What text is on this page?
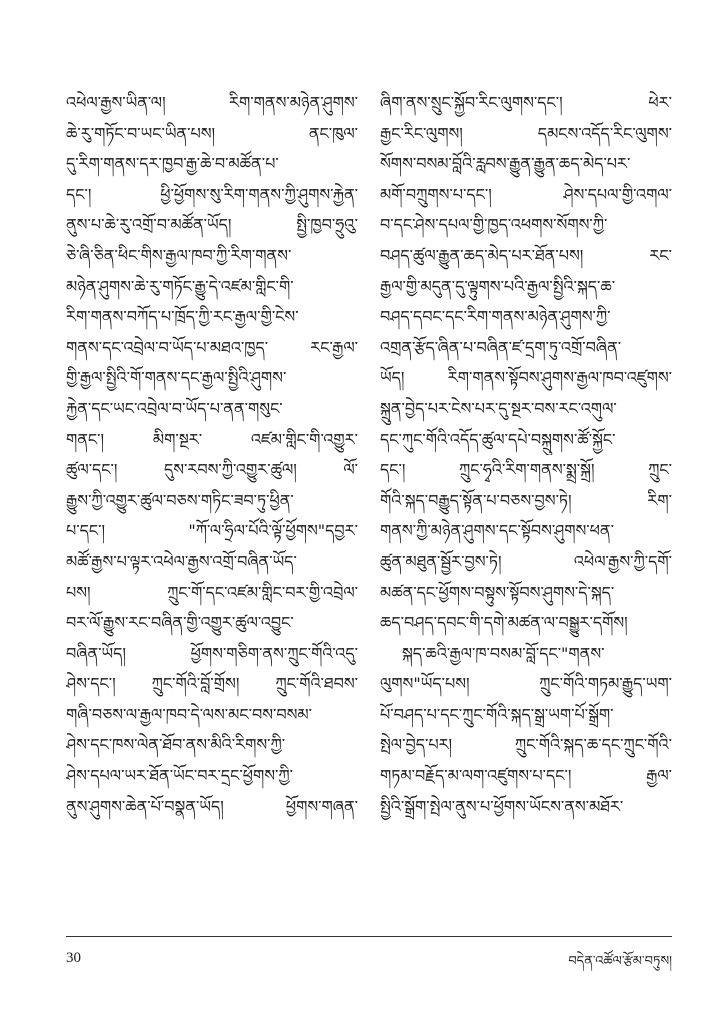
འཕེལ་རྒྱས་ཡིན་ལ། རིག་གནས་མཉེན་ཤུགས་
ཆེ་རུ་གཏོང་བ་ཡང་ཡིན་པས། ནང་ཁུལ་
དུ་རིག་གནས་དར་ཁྱབ་རྒྱ་ཆེ་བ་མཚོན་པ་
དང་། ཕྱི་ཕྱོགས་སུ་རིག་གནས་ཀྱི་ཤུགས་རྐྱེན་
ནུས་པ་ཆེ་རུ་འགྲོ་བ་མཚོན་ཡོད། སྤྱི་ཁྱབ་ཧྲུའུ་
ཅེ་ཞི་ཅིན་ཕིང་གིས་རྒྱལ་ཁབ་ཀྱི་རིག་གནས་
མཉེན་ཤུགས་ཆེ་རུ་གཏོང་རྒྱུ་དེ་འཛམ་གླིང་གི་
རིག་གནས་བཀོད་པ་ཁྲོད་ཀྱི་རང་རྒྱལ་གྱི་ངེས་
གནས་དང་འབྲེལ་བ་ཡོད་པ་མཐའ་ཁྱད་ རང་རྒྱལ་
གྱི་རྒྱལ་སྤྱིའི་གོ་གནས་དང་རྒྱལ་སྤྱིའི་ཤུགས་
རྐྱེན་དང་ཡང་འབྲེལ་བ་ཡོད་པ་ནན་གསུང་
གནང་། མིག་སྔར་ འཛམ་གླིང་གི་འགྱུར་
ཚུལ་དང་། དུས་རབས་ཀྱི་འགྱུར་ཚུལ། ལོ་
རྒྱུས་ཀྱི་འགྱུར་ཚུལ་བཅས་གཏིང་ཟབ་ཏུ་ཕྱིན་
པ་དང་། "ཀོ་ལ་ཧྲིལ་པོའི་ལྟོ་ཕྱོགས"དབྱར་
མཚོ་རྒྱས་པ་ལྟར་འཕེལ་རྒྱས་འགྲོ་བཞིན་ཡོད་
པས། ཀྲུང་གོ་དང་འཛམ་གླིང་བར་གྱི་འབྲེལ་
བར་ལོ་རྒྱུས་རང་བཞིན་གྱི་འགྱུར་ཚུལ་འབྱུང་
བཞིན་ཡོད། ཕྱོགས་གཅིག་ནས་ཀྲུང་གོའི་འདུ་
ཤེས་དང་། ཀྲུང་གོའི་བློ་གྲོས། ཀྲུང་གོའི་ཐབས་
གཞི་བཅས་ལ་རྒྱལ་ཁབ་དེ་ལས་མང་བས་བསམ་
ཤེས་དང་ཁས་ལེན་ཐོབ་ནས་མིའི་རིགས་ཀྱི་
ཤེས་དཔལ་ཡར་ཐོན་ཡོང་བར་དྲང་ཕྱོགས་ཀྱི་
ནུས་ཤུགས་ཆེན་པོ་བསྣན་ཡོད། ཕྱོགས་གཞན་
ཞིག་ནས་སྲུང་སྐྱོབ་རིང་ལུགས་དང་། ཕེར་
རྒྱང་རིང་ལུགས། དམངས་འདོད་རིང་ལུགས་
སོགས་བསམ་བློའི་རླབས་རྒྱུན་རྒྱུན་ཆད་མེད་པར་
མགོ་བཀྲུགས་པ་དང་། ཤེས་དཔལ་གྱི་འགལ་
བ་དང་ཤེས་དཔལ་གྱི་ཁྱད་འཕགས་སོགས་ཀྱི་
བཤད་ཚུལ་རྒྱུན་ཆད་མེད་པར་ཐོན་པས། རང་
རྒྱལ་གྱི་མདུན་དུ་ལྟུགས་པའི་རྒྱལ་སྤྱིའི་སྐད་ཆ་
བཤད་དབང་དང་རིག་གནས་མཉེན་ཤུགས་ཀྱི་
འགྲན་རྩོད་ཞིན་པ་བཞིན་ཛ་དྲག་ཏུ་འགྲོ་བཞིན་
ཡོད། རིག་གནས་སྟོབས་ཤུགས་རྒྱལ་ཁབ་འཛུགས་
སྐྲུན་བྱེད་པར་ངེས་པར་དུ་སྔར་བས་རང་འགུལ་
དང་ཀུང་གོའི་འདོད་ཚུལ་དཔེ་བསྐྲུགས་ཚོ་སྐྱོང་
དང་། ཀྲུང་ཧྭའི་རིག་གནས་སྨྲ་སྐྲོ། ཀྲུང་
གོའི་སྐད་བརྒྱུད་སྟོན་པ་བཅས་བྱས་ཏེ། རིག་
གནས་ཀྱི་མཉེན་ཤུགས་དང་སྟོབས་ཤུགས་ཕན་
ཚུན་མཐུན་སྦྱོར་བྱས་ཏེ། འཕེལ་རྒྱས་ཀྱི་དགོ་
མཚན་དང་ཕྱོགས་བསྟུས་སྟོབས་ཤུགས་དེ་སྐད་
ཆད་བཤད་དབང་གི་དགེ་མཚན་ལ་བསྒྱུར་དགོས།
སྐད་ཆའི་རྒྱལ་ཁ་བསམ་བློ་དང་"གནས་
ལུགས"ཡོད་པས། ཀྲུང་གོའི་གཏམ་རྒྱུད་ཡག་
པོ་བཤད་པ་དང་ཀྲུང་གོའི་སྐད་སྒྲ་ཡག་པོ་སྒྲོག་
སྤེལ་བྱེད་པར། ཀྲུང་གོའི་སྐད་ཆ་དང་ཀྲུང་གོའི་
གཏམ་བརྗོད་མ་ལག་འཛུགས་པ་དང་། རྒྱལ་
སྤྱིའི་སྒྲོག་སྤེལ་ནུས་པ་ཕྱོགས་ཡོངས་ནས་མཐོར་
30	བདེན་འཚོལ་རྩོམ་བཏུས།
